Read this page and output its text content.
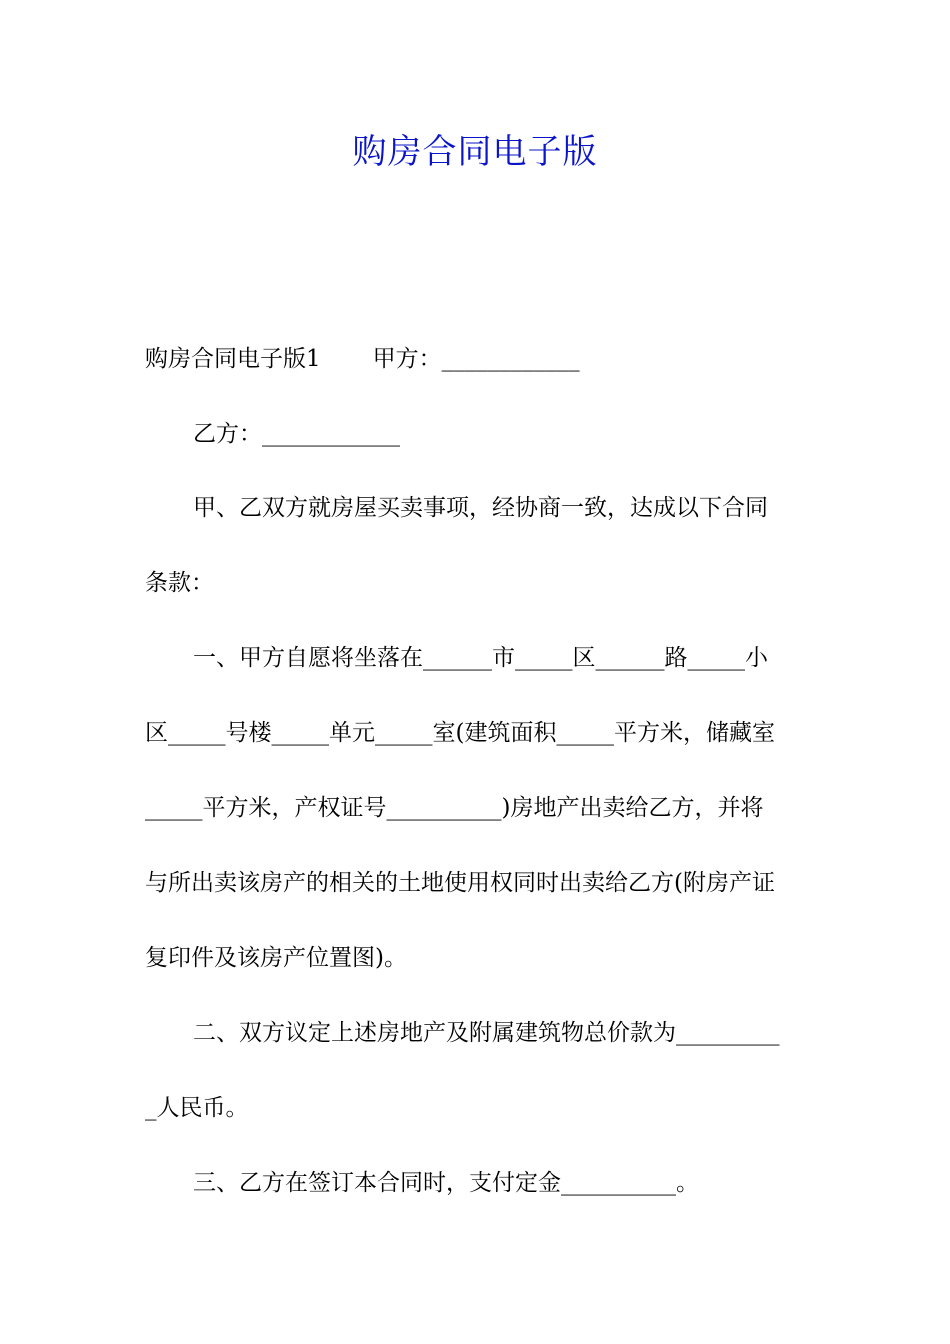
购房合同电子版

购房合同电子版1 甲方：____________

乙方：____________

甲、乙双方就房屋买卖事项，经协商一致，达成以下合同

条款：

一、甲方自愿将坐落在______市_____区______路_____小

区_____号楼_____单元_____室(建筑面积_____平方米，储藏室

_____平方米，产权证号__________)房地产出卖给乙方，并将

与所出卖该房产的相关的土地使用权同时出卖给乙方(附房产证

复印件及该房产位置图)。

二、双方议定上述房地产及附属建筑物总价款为_________

_人民币。

三、乙方在签订本合同时，支付定金__________。
